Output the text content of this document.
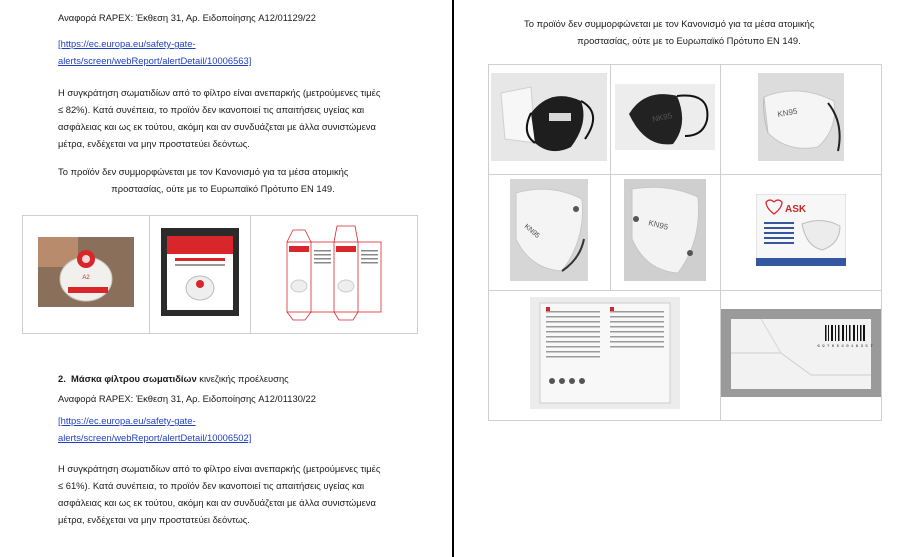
Αναφορά RAPEX: Έκθεση 31, Αρ. Ειδοποίησης A12/01129/22
[https://ec.europa.eu/safety-gate-
alerts/screen/webReport/alertDetail/10006563]
Η συγκράτηση σωματιδίων από το φίλτρο είναι ανεπαρκής (μετρούμενες τιμές
≤ 82%). Κατά συνέπεια, το προϊόν δεν ικανοποιεί τις απαιτήσεις υγείας και
ασφάλειας και ως εκ τούτου, ακόμη και αν συνδυάζεται με άλλα συνιστώμενα
μέτρα, ενδέχεται να μην προστατεύει δεόντως.
Το προϊόν δεν συμμορφώνεται με τον Κανονισμό για τα μέσα ατομικής
προστασίας, ούτε με το Ευρωπαϊκό Πρότυπο EN 149.
A2

2. Μάσκα φίλτρου σωματιδίων κινεζικής προέλευσης
Αναφορά RAPEX: Έκθεση 31, Αρ. Ειδοποίησης A12/01130/22
[https://ec.europa.eu/safety-gate-
alerts/screen/webReport/alertDetail/10006502]
Η συγκράτηση σωματιδίων από το φίλτρο είναι ανεπαρκής (μετρούμενες τιμές
≤ 61%). Κατά συνέπεια, το προϊόν δεν ικανοποιεί τις απαιτήσεις υγείας και
ασφάλειας και ως εκ τούτου, ακόμη και αν συνδυάζεται με άλλα συνιστώμενα
μέτρα, ενδέχεται να μην προστατεύει δεόντως.
Το προϊόν δεν συμμορφώνεται με τον Κανονισμό για τα μέσα ατομικής
προστασίας, ούτε με το Ευρωπαϊκό Πρότυπο EN 149.

NK95	KN95

KN95	KN95	ASK

6 9 7 0 5 4 0 1 6 3 5 7
